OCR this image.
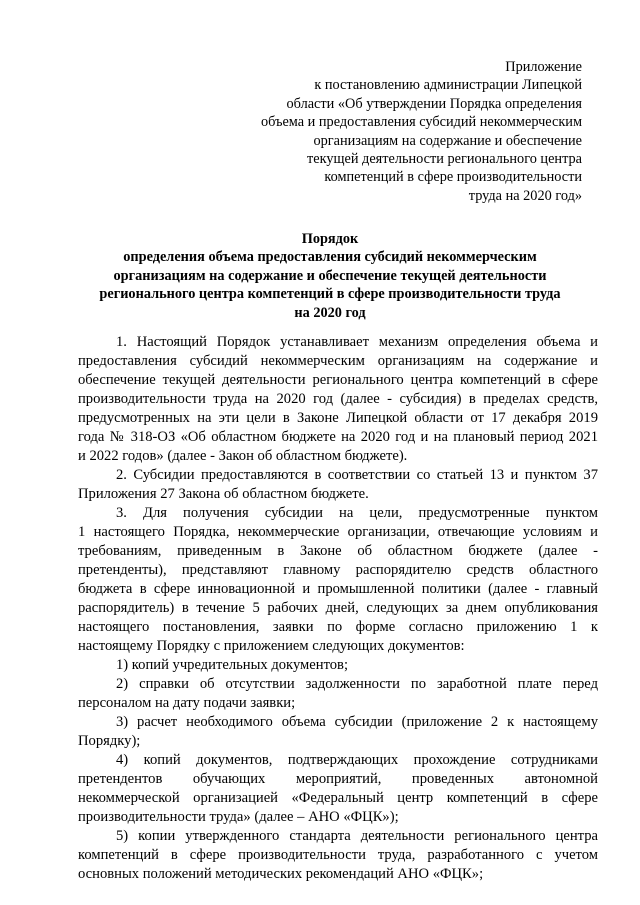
Приложение
к постановлению администрации Липецкой
области «Об утверждении Порядка определения
объема и предоставления субсидий некоммерческим
организациям на содержание и обеспечение
текущей деятельности регионального центра
компетенций в сфере производительности
труда на 2020 год»
Порядок
определения объема предоставления субсидий некоммерческим
организациям на содержание и обеспечение текущей деятельности
регионального центра компетенций в сфере производительности труда
на 2020 год
1. Настоящий Порядок устанавливает механизм определения объема и
предоставления субсидий некоммерческим организациям на содержание и
обеспечение текущей деятельности регионального центра компетенций в сфере
производительности труда на 2020 год (далее - субсидия) в пределах средств,
предусмотренных на эти цели в Законе Липецкой области от 17 декабря 2019
года № 318-ОЗ «Об областном бюджете на 2020 год и на плановый период 2021
и 2022 годов» (далее - Закон об областном бюджете).
2. Субсидии предоставляются в соответствии со статьей 13 и пунктом 37
Приложения 27 Закона об областном бюджете.
3. Для получения субсидии на цели, предусмотренные пунктом
1 настоящего Порядка, некоммерческие организации, отвечающие условиям и
требованиям, приведенным в Законе об областном бюджете (далее -
претенденты), представляют главному распорядителю средств областного
бюджета в сфере инновационной и промышленной политики (далее - главный
распорядитель) в течение 5 рабочих дней, следующих за днем опубликования
настоящего постановления, заявки по форме согласно приложению 1 к
настоящему Порядку с приложением следующих документов:
1) копий учредительных документов;
2) справки об отсутствии задолженности по заработной плате перед
персоналом на дату подачи заявки;
3) расчет необходимого объема субсидии (приложение 2 к настоящему
Порядку);
4) копий документов, подтверждающих прохождение сотрудниками
претендентов обучающих мероприятий, проведенных автономной
некоммерческой организацией «Федеральный центр компетенций в сфере
производительности труда» (далее – АНО «ФЦК»);
5) копии утвержденного стандарта деятельности регионального центра
компетенций в сфере производительности труда, разработанного с учетом
основных положений методических рекомендаций АНО «ФЦК»;
